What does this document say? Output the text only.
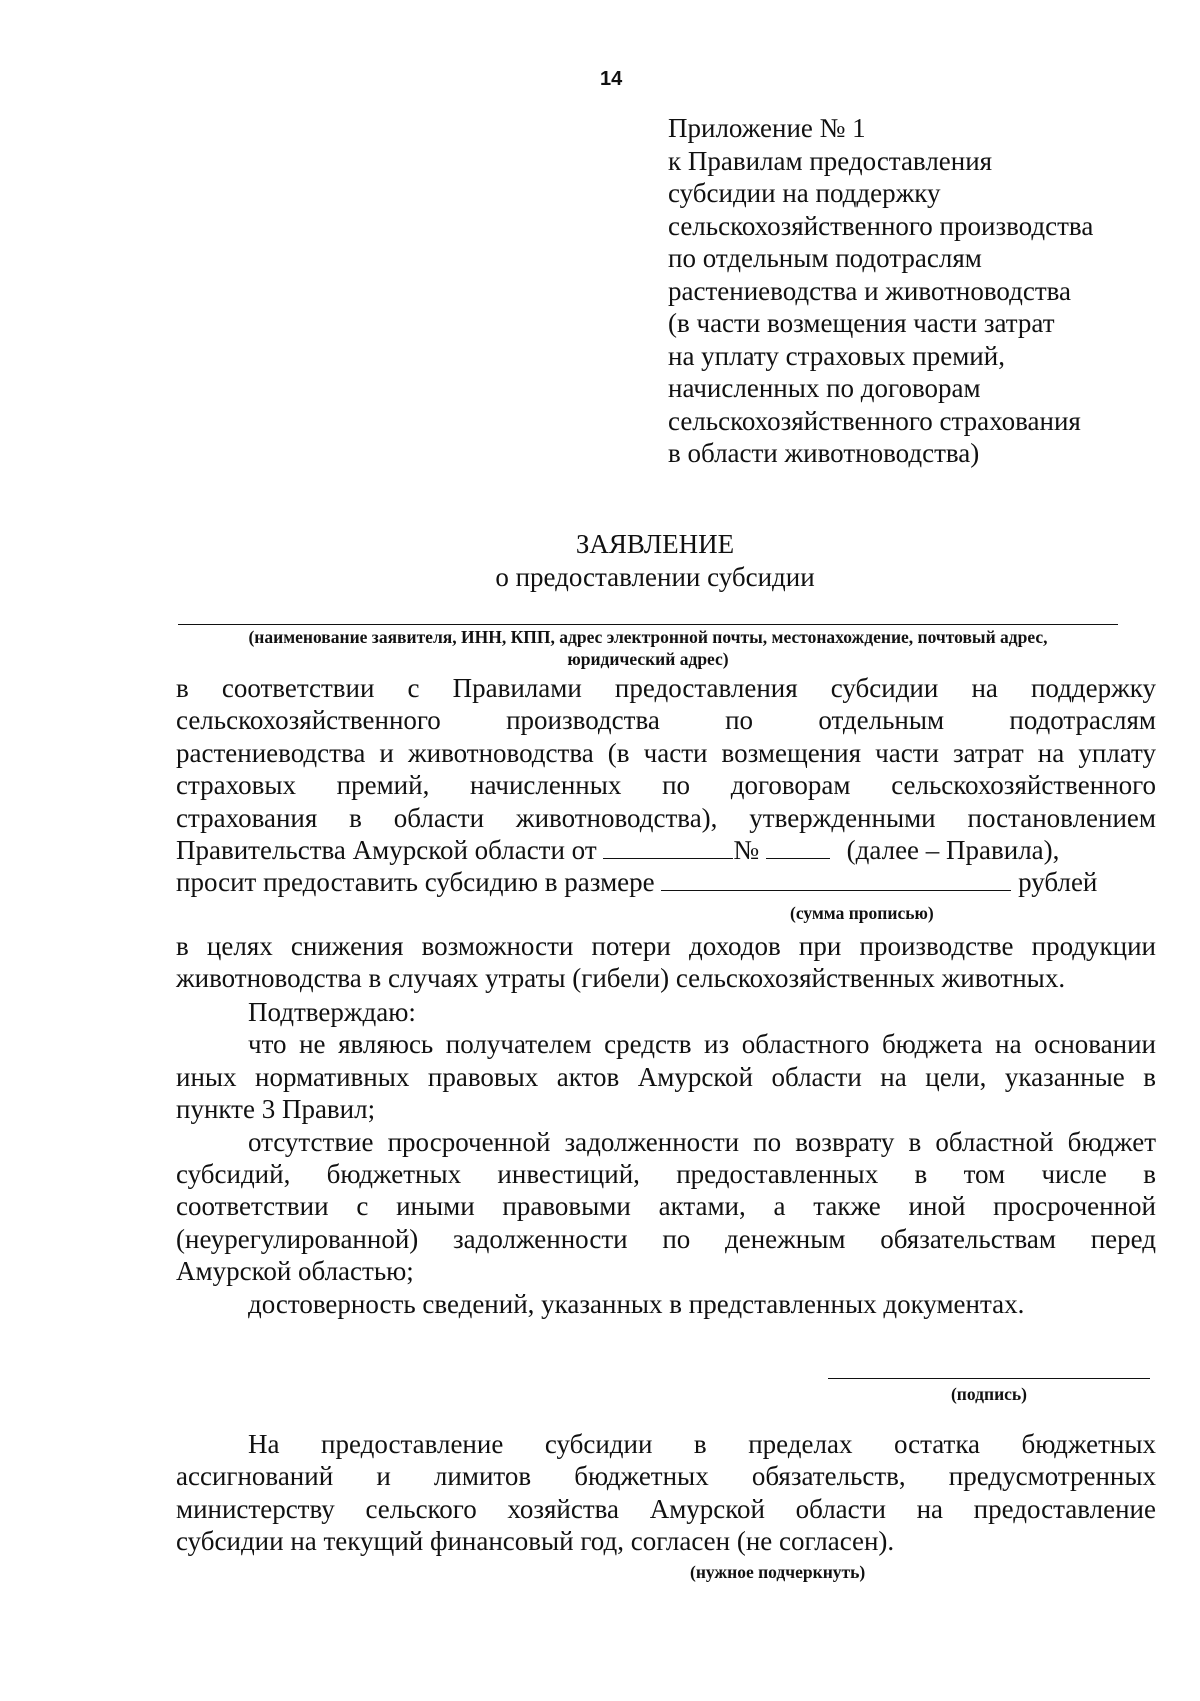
14
Приложение № 1
к Правилам предоставления
субсидии на поддержку
сельскохозяйственного производства
по отдельным подотраслям
растениеводства и животноводства
(в части возмещения части затрат
на уплату страховых премий,
начисленных по договорам
сельскохозяйственного страхования
в области животноводства)
ЗАЯВЛЕНИЕ
о предоставлении субсидии
(наименование заявителя, ИНН, КПП, адрес электронной почты, местонахождение, почтовый адрес,
юридический адрес)
в соответствии с Правилами предоставления субсидии на поддержку
сельскохозяйственного производства по отдельным подотраслям
растениеводства и животноводства (в части возмещения части затрат на уплату
страховых премий, начисленных по договорам сельскохозяйственного
страхования в области животноводства), утвержденными постановлением
Правительства Амурской области от	№	(далее – Правила),
просит предоставить субсидию в размере	рублей
(сумма прописью)
в целях снижения возможности потери доходов при производстве продукции
животноводства в случаях утраты (гибели) сельскохозяйственных животных.
Подтверждаю:
что не являюсь получателем средств из областного бюджета на основании
иных нормативных правовых актов Амурской области на цели, указанные в
пункте 3 Правил;
отсутствие просроченной задолженности по возврату в областной бюджет
субсидий, бюджетных инвестиций, предоставленных в том числе в
соответствии с иными правовыми актами, а также иной просроченной
(неурегулированной) задолженности по денежным обязательствам перед
Амурской областью;
достоверность сведений, указанных в представленных документах.
(подпись)
На предоставление субсидии в пределах остатка бюджетных
ассигнований и лимитов бюджетных обязательств, предусмотренных
министерству сельского хозяйства Амурской области на предоставление
субсидии на текущий финансовый год, согласен (не согласен).
(нужное подчеркнуть)
